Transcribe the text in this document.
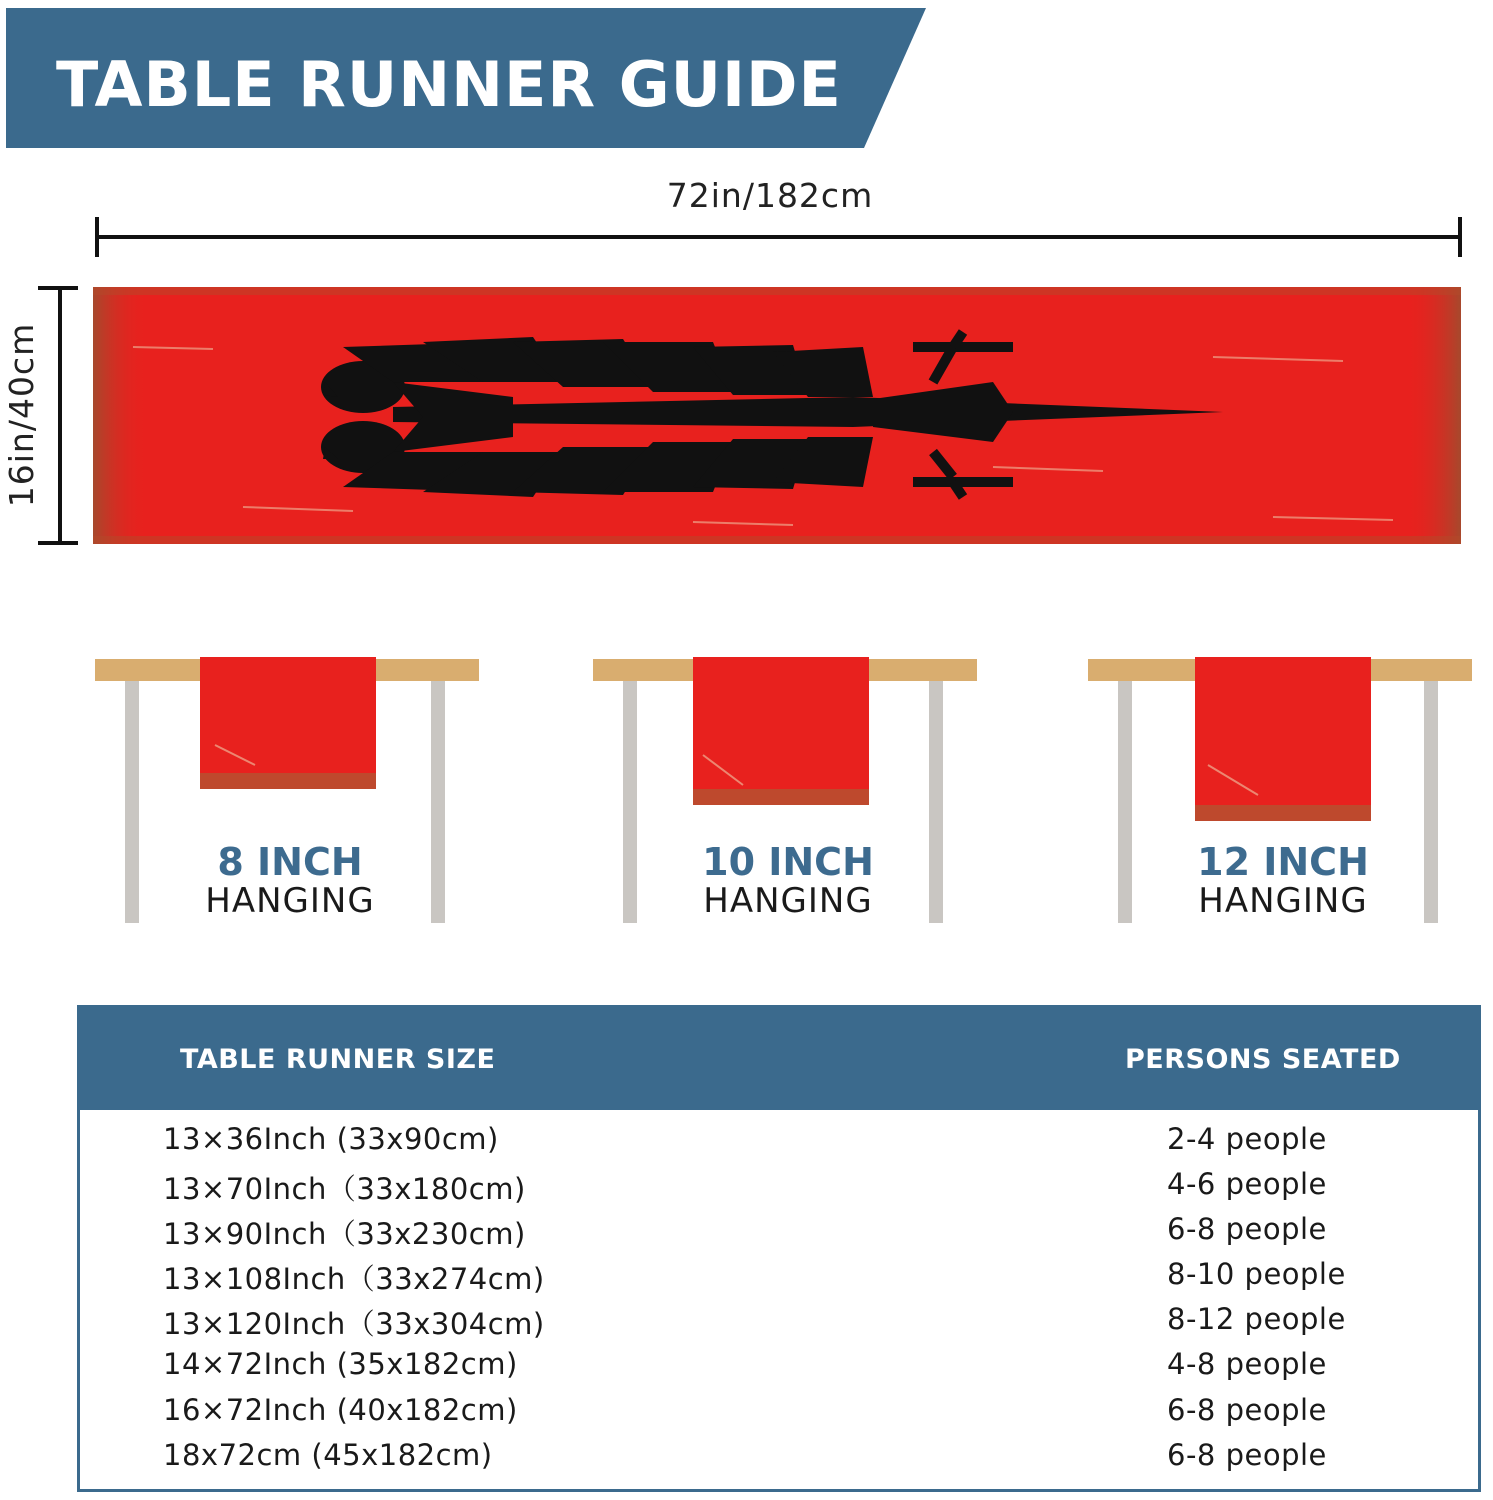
TABLE RUNNER GUIDE
72in/182cm
16in/40cm
8 INCH
HANGING
10 INCH
HANGING
12 INCH
HANGING
TABLE RUNNER SIZE	PERSONS SEATED
13×36Inch (33x90cm)	2-4 people
13×70Inch（33x180cm)	4-6 people
13×90Inch（33x230cm)	6-8 people
13×108Inch（33x274cm)	8-10 people
13×120Inch（33x304cm)	8-12 people
14×72Inch (35x182cm)	4-8 people
16×72Inch (40x182cm)	6-8 people
18x72cm (45x182cm)	6-8 people
